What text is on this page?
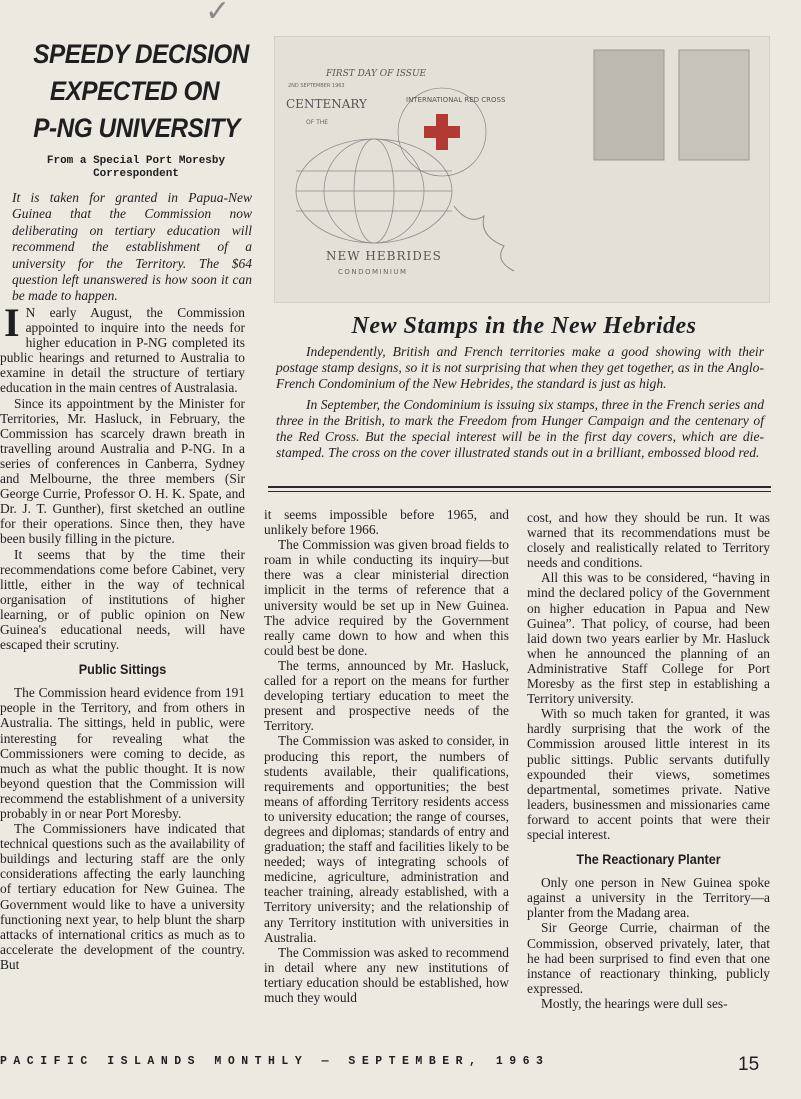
✓
SPEEDY DECISION
EXPECTED ON
P-NG UNIVERSITY
From a Special Port Moresby Correspondent
It is taken for granted in Papua-New Guinea that the Commission now deliberating on tertiary education will recommend the establishment of a university for the Territory. The $64 question left unanswered is how soon it can be made to happen.

I N early August, the Commission appointed to inquire into the needs for higher education in P-NG completed its public hearings and returned to Australia to examine in detail the structure of tertiary education in the main centres of Australasia.

Since its appointment by the Minister for Territories, Mr. Hasluck, in February, the Commission has scarcely drawn breath in travelling around Australia and P-NG. In a series of conferences in Canberra, Sydney and Melbourne, the three members (Sir George Currie, Professor O. H. K. Spate, and Dr. J. T. Gunther), first sketched an outline for their operations. Since then, they have been busily filling in the picture.

It seems that by the time their recommendations come before Cabinet, very little, either in the way of technical organisation of institutions of higher learning, or of public opinion on New Guinea's educational needs, will have escaped their scrutiny.

Public Sittings

The Commission heard evidence from 191 people in the Territory, and from others in Australia. The sittings, held in public, were interesting for revealing what the Commissioners were coming to decide, as much as what the public thought. It is now beyond question that the Commission will recommend the establishment of a university probably in or near Port Moresby.

The Commissioners have indicated that technical questions such as the availability of buildings and lecturing staff are the only considerations affecting the early launching of tertiary education for New Guinea. The Government would like to have a university functioning next year, to help blunt the sharp attacks of international critics as much as to accelerate the development of the country. But

FIRST DAY OF ISSUE
2ND SEPTEMBER 1963
CENTENARY
OF THE
INTERNATIONAL RED CROSS
NEW HEBRIDES
CONDOMINIUM
New Stamps in the New Hebrides

Independently, British and French territories make a good showing with their postage stamp designs, so it is not surprising that when they get together, as in the Anglo-French Condominium of the New Hebrides, the standard is just as high.

In September, the Condominium is issuing six stamps, three in the French series and three in the British, to mark the Freedom from Hunger Campaign and the centenary of the Red Cross. But the special interest will be in the first day covers, which are die-stamped. The cross on the cover illustrated stands out in a brilliant, embossed blood red.

it seems impossible before 1965, and unlikely before 1966.

The Commission was given broad fields to roam in while conducting its inquiry—but there was a clear ministerial direction implicit in the terms of reference that a university would be set up in New Guinea. The advice required by the Government really came down to how and when this could best be done.

The terms, announced by Mr. Hasluck, called for a report on the means for further developing tertiary education to meet the present and prospective needs of the Territory.

The Commission was asked to consider, in producing this report, the numbers of students available, their qualifications, requirements and opportunities; the best means of affording Territory residents access to university education; the range of courses, degrees and diplomas; standards of entry and graduation; the staff and facilities likely to be needed; ways of integrating schools of medicine, agriculture, administration and teacher training, already established, with a Territory university; and the relationship of any Territory institution with universities in Australia.

The Commission was asked to recommend in detail where any new institutions of tertiary education should be established, how much they would

cost, and how they should be run. It was warned that its recommendations must be closely and realistically related to Territory needs and conditions.

All this was to be considered, “having in mind the declared policy of the Government on higher education in Papua and New Guinea”. That policy, of course, had been laid down two years earlier by Mr. Hasluck when he announced the planning of an Administrative Staff College for Port Moresby as the first step in establishing a Territory university.

With so much taken for granted, it was hardly surprising that the work of the Commission aroused little interest in its public sittings. Public servants dutifully expounded their views, sometimes departmental, sometimes private. Native leaders, businessmen and missionaries came forward to accent points that were their special interest.

The Reactionary Planter

Only one person in New Guinea spoke against a university in the Territory—a planter from the Madang area.

Sir George Currie, chairman of the Commission, observed privately, later, that he had been surprised to find even that one instance of reactionary thinking, publicly expressed.

Mostly, the hearings were dull ses-

PACIFIC ISLANDS MONTHLY — SEPTEMBER, 1963	15
